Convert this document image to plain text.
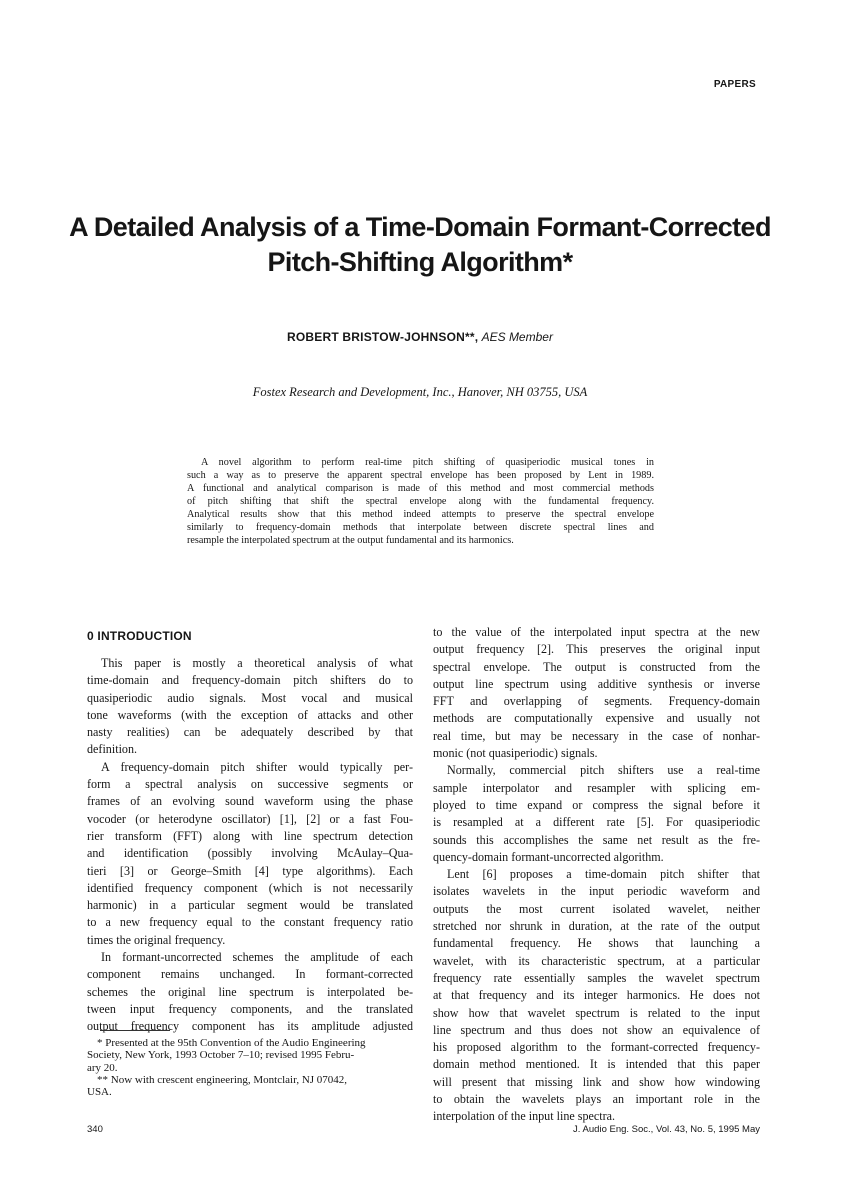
PAPERS
A Detailed Analysis of a Time-Domain Formant-Corrected
Pitch-Shifting Algorithm*
ROBERT BRISTOW-JOHNSON**, AES Member
Fostex Research and Development, Inc., Hanover, NH 03755, USA
A novel algorithm to perform real-time pitch shifting of quasiperiodic musical tones in
such a way as to preserve the apparent spectral envelope has been proposed by Lent in 1989.
A functional and analytical comparison is made of this method and most commercial methods
of pitch shifting that shift the spectral envelope along with the fundamental frequency.
Analytical results show that this method indeed attempts to preserve the spectral envelope
similarly to frequency-domain methods that interpolate between discrete spectral lines and
resample the interpolated spectrum at the output fundamental and its harmonics.
0 INTRODUCTION
This paper is mostly a theoretical analysis of what
time-domain and frequency-domain pitch shifters do to
quasiperiodic audio signals. Most vocal and musical
tone waveforms (with the exception of attacks and other
nasty realities) can be adequately described by that
definition.
A frequency-domain pitch shifter would typically per-
form a spectral analysis on successive segments or
frames of an evolving sound waveform using the phase
vocoder (or heterodyne oscillator) [1], [2] or a fast Fou-
rier transform (FFT) along with line spectrum detection
and identification (possibly involving McAulay–Qua-
tieri [3] or George–Smith [4] type algorithms). Each
identified frequency component (which is not necessarily
harmonic) in a particular segment would be translated
to a new frequency equal to the constant frequency ratio
times the original frequency.
In formant-uncorrected schemes the amplitude of each
component remains unchanged. In formant-corrected
schemes the original line spectrum is interpolated be-
tween input frequency components, and the translated
output frequency component has its amplitude adjusted
to the value of the interpolated input spectra at the new
output frequency [2]. This preserves the original input
spectral envelope. The output is constructed from the
output line spectrum using additive synthesis or inverse
FFT and overlapping of segments. Frequency-domain
methods are computationally expensive and usually not
real time, but may be necessary in the case of nonhar-
monic (not quasiperiodic) signals.
Normally, commercial pitch shifters use a real-time
sample interpolator and resampler with splicing em-
ployed to time expand or compress the signal before it
is resampled at a different rate [5]. For quasiperiodic
sounds this accomplishes the same net result as the fre-
quency-domain formant-uncorrected algorithm.
Lent [6] proposes a time-domain pitch shifter that
isolates wavelets in the input periodic waveform and
outputs the most current isolated wavelet, neither
stretched nor shrunk in duration, at the rate of the output
fundamental frequency. He shows that launching a
wavelet, with its characteristic spectrum, at a particular
frequency rate essentially samples the wavelet spectrum
at that frequency and its integer harmonics. He does not
show how that wavelet spectrum is related to the input
line spectrum and thus does not show an equivalence of
his proposed algorithm to the formant-corrected frequency-
domain method mentioned. It is intended that this paper
will present that missing link and show how windowing
to obtain the wavelets plays an important role in the
interpolation of the input line spectra.
* Presented at the 95th Convention of the Audio Engineering
Society, New York, 1993 October 7–10; revised 1995 Febru-
ary 20.
** Now with crescent engineering, Montclair, NJ 07042,
USA.
340	J. Audio Eng. Soc., Vol. 43, No. 5, 1995 May
